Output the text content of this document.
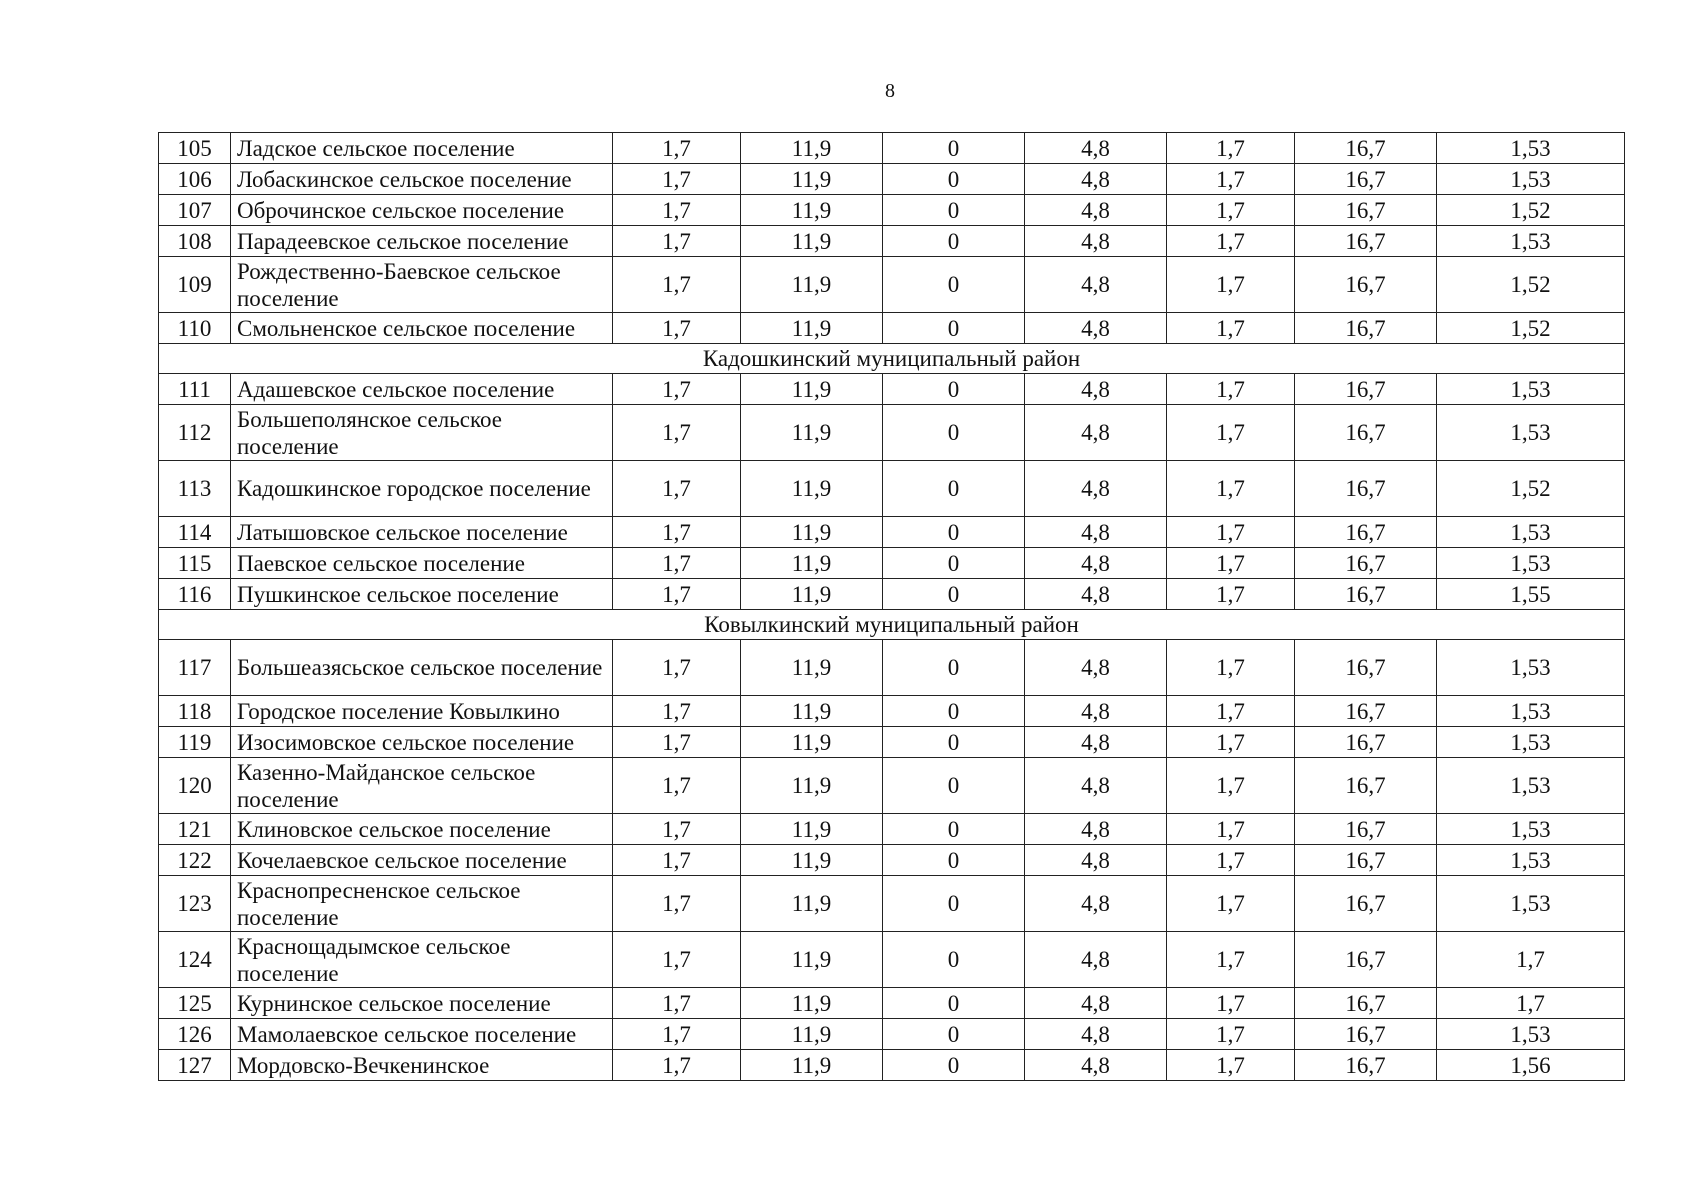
8
105	Ладское сельское поселение	1,7	11,9	0	4,8	1,7	16,7	1,53
106	Лобаскинское сельское поселение	1,7	11,9	0	4,8	1,7	16,7	1,53
107	Оброчинское сельское поселение	1,7	11,9	0	4,8	1,7	16,7	1,52
108	Парадеевское сельское поселение	1,7	11,9	0	4,8	1,7	16,7	1,53
109	Рождественно-Баевское сельское поселение	1,7	11,9	0	4,8	1,7	16,7	1,52
110	Смольненское сельское поселение	1,7	11,9	0	4,8	1,7	16,7	1,52
Кадошкинский муниципальный район								
111	Адашевское сельское поселение	1,7	11,9	0	4,8	1,7	16,7	1,53
112	Большеполянское сельское поселение	1,7	11,9	0	4,8	1,7	16,7	1,53
113	Кадошкинское городское поселение	1,7	11,9	0	4,8	1,7	16,7	1,52
114	Латышовское сельское поселение	1,7	11,9	0	4,8	1,7	16,7	1,53
115	Паевское сельское поселение	1,7	11,9	0	4,8	1,7	16,7	1,53
116	Пушкинское сельское поселение	1,7	11,9	0	4,8	1,7	16,7	1,55
Ковылкинский муниципальный район								
117	Большеазясьское сельское поселение	1,7	11,9	0	4,8	1,7	16,7	1,53
118	Городское поселение Ковылкино	1,7	11,9	0	4,8	1,7	16,7	1,53
119	Изосимовское сельское поселение	1,7	11,9	0	4,8	1,7	16,7	1,53
120	Казенно-Майданское сельское поселение	1,7	11,9	0	4,8	1,7	16,7	1,53
121	Клиновское сельское поселение	1,7	11,9	0	4,8	1,7	16,7	1,53
122	Кочелаевское сельское поселение	1,7	11,9	0	4,8	1,7	16,7	1,53
123	Краснопресненское сельское поселение	1,7	11,9	0	4,8	1,7	16,7	1,53
124	Краснощадымское сельское поселение	1,7	11,9	0	4,8	1,7	16,7	1,7
125	Курнинское сельское поселение	1,7	11,9	0	4,8	1,7	16,7	1,7
126	Мамолаевское сельское поселение	1,7	11,9	0	4,8	1,7	16,7	1,53
127	Мордовско-Вечкенинское	1,7	11,9	0	4,8	1,7	16,7	1,56
